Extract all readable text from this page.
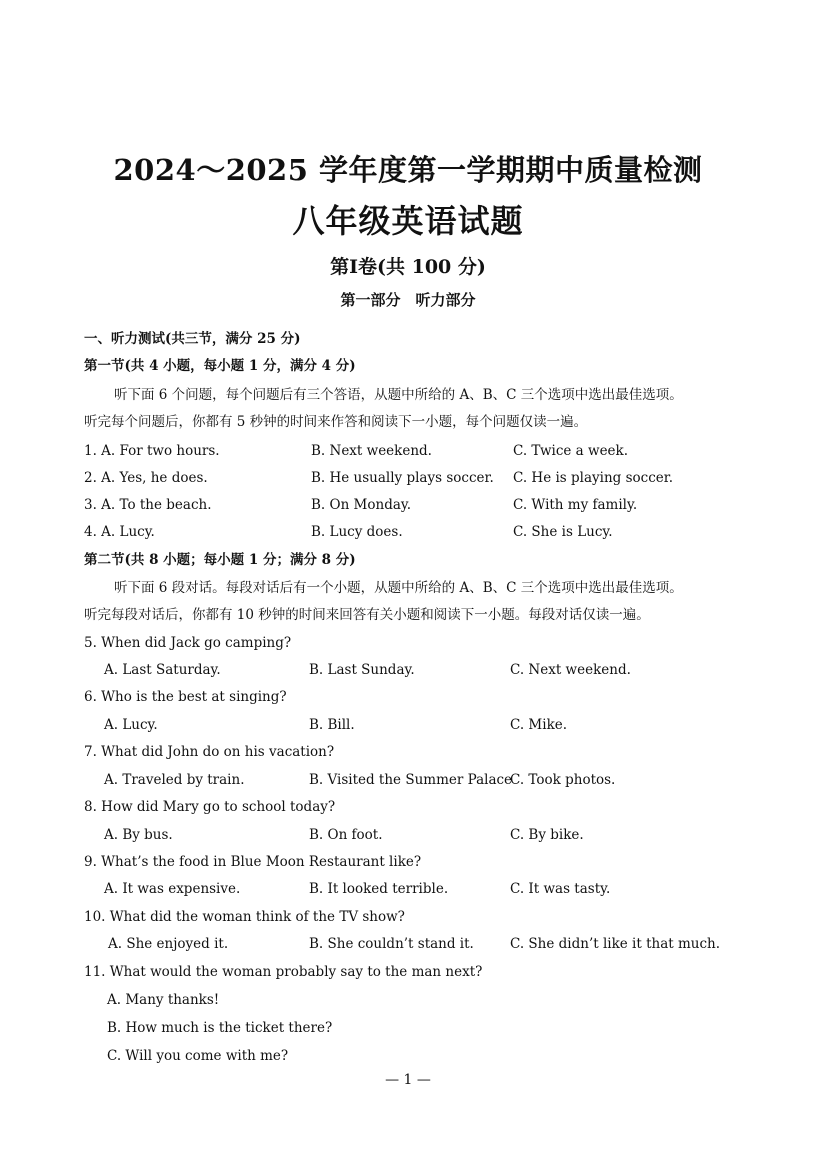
2024～2025 学年度第一学期期中质量检测
八年级英语试题
第Ⅰ卷(共 100 分)
第一部分　听力部分
一、听力测试(共三节，满分 25 分)
第一节(共 4 小题，每小题 1 分，满分 4 分)
听下面 6 个问题，每个问题后有三个答语，从题中所给的 A、B、C 三个选项中选出最佳选项。
听完每个问题后，你都有 5 秒钟的时间来作答和阅读下一小题，每个问题仅读一遍。
1. A. For two hours.	B. Next weekend.	C. Twice a week.
2. A. Yes, he does.	B. He usually plays soccer. C. He is playing soccer.
3. A. To the beach.	B. On Monday.	C. With my family.
4. A. Lucy.	B. Lucy does.	C. She is Lucy.
第二节(共 8 小题；每小题 1 分；满分 8 分)
听下面 6 段对话。每段对话后有一个小题，从题中所给的 A、B、C 三个选项中选出最佳选项。
听完每段对话后，你都有 10 秒钟的时间来回答有关小题和阅读下一小题。每段对话仅读一遍。
5. When did Jack go camping?
A. Last Saturday.	B. Last Sunday.	C. Next weekend.
6. Who is the best at singing?
A. Lucy.	B. Bill.	C. Mike.
7. What did John do on his vacation?
A. Traveled by train.	B. Visited the Summer Palace
C. Took photos.
8. How did Mary go to school today?
A. By bus.	B. On foot.	C. By bike.
9. What’s the food in Blue Moon Restaurant like?
A. It was expensive.	B. It looked terrible.	C. It was tasty.
10. What did the woman think of the TV show?
A. She enjoyed it.	B. She couldn’t stand it.	C. She didn’t like it that much.
11. What would the woman probably say to the man next?
A. Many thanks!
B. How much is the ticket there?
C. Will you come with me?
— 1 —
